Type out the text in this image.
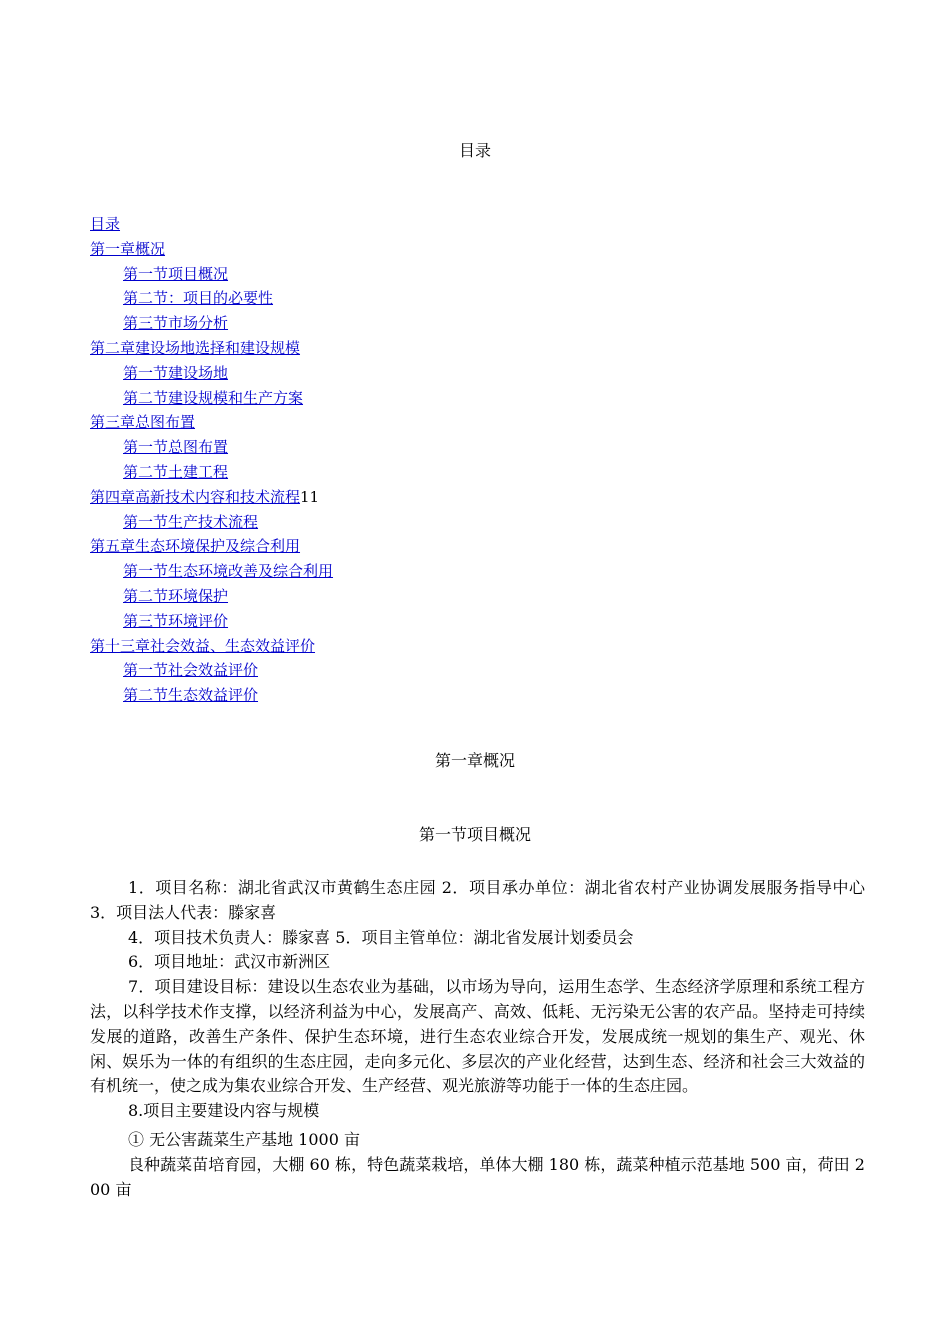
目录
目录
第一章概况
第一节项目概况
第二节：项目的必要性
第三节市场分析
第二章建设场地选择和建设规模
第一节建设场地
第二节建设规模和生产方案
第三章总图布置
第一节总图布置
第二节土建工程
第四章高新技术内容和技术流程11
第一节生产技术流程
第五章生态环境保护及综合利用
第一节生态环境改善及综合利用
第二节环境保护
第三节环境评价
第十三章社会效益、生态效益评价
第一节社会效益评价
第二节生态效益评价
第一章概况
第一节项目概况

1．项目名称：湖北省武汉市黄鹤生态庄园 2．项目承办单位：湖北省农村产业协调发展服务指导中心 3．项目法人代表：滕家喜

4．项目技术负责人：滕家喜 5．项目主管单位：湖北省发展计划委员会

6．项目地址：武汉市新洲区

7．项目建设目标：建设以生态农业为基础，以市场为导向，运用生态学、生态经济学原理和系统工程方法，以科学技术作支撑，以经济利益为中心，发展高产、高效、低耗、无污染无公害的农产品。坚持走可持续发展的道路，改善生产条件、保护生态环境，进行生态农业综合开发，发展成统一规划的集生产、观光、休闲、娱乐为一体的有组织的生态庄园，走向多元化、多层次的产业化经营，达到生态、经济和社会三大效益的有机统一，使之成为集农业综合开发、生产经营、观光旅游等功能于一体的生态庄园。

8.项目主要建设内容与规模

① 无公害蔬菜生产基地 1000 亩

良种蔬菜苗培育园，大棚 60 栋，特色蔬菜栽培，单体大棚 180 栋，蔬菜种植示范基地 500 亩，荷田 200 亩
